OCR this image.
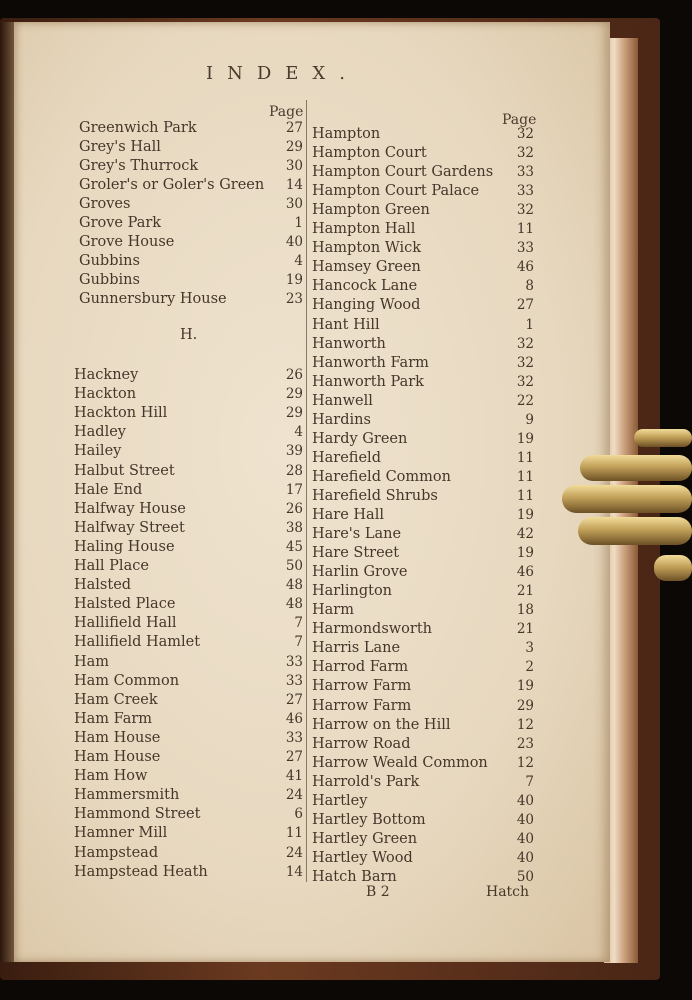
INDEX.
Page	Page
Greenwich Park	27
Grey's Hall	29
Grey's Thurrock	30
Groler's or Goler's Green	14
Groves	30
Grove Park	1
Grove House	40
Gubbins	4
Gubbins	19
Gunnersbury House	23
H.
Hackney	26
Hackton	29
Hackton Hill	29
Hadley	4
Hailey	39
Halbut Street	28
Hale End	17
Halfway House	26
Halfway Street	38
Haling House	45
Hall Place	50
Halsted	48
Halsted Place	48
Hallifield Hall	7
Hallifield Hamlet	7
Ham	33
Ham Common	33
Ham Creek	27
Ham Farm	46
Ham House	33
Ham House	27
Ham How	41
Hammersmith	24
Hammond Street	6
Hamner Mill	11
Hampstead	24
Hampstead Heath	14
Hampton	32
Hampton Court	32
Hampton Court Gardens	33
Hampton Court Palace	33
Hampton Green	32
Hampton Hall	11
Hampton Wick	33
Hamsey Green	46
Hancock Lane	8
Hanging Wood	27
Hant Hill	1
Hanworth	32
Hanworth Farm	32
Hanworth Park	32
Hanwell	22
Hardins	9
Hardy Green	19
Harefield	11
Harefield Common	11
Harefield Shrubs	11
Hare Hall	19
Hare's Lane	42
Hare Street	19
Harlin Grove	46
Harlington	21
Harm	18
Harmondsworth	21
Harris Lane	3
Harrod Farm	2
Harrow Farm	19
Harrow Farm	29
Harrow on the Hill	12
Harrow Road	23
Harrow Weald Common	12
Harrold's Park	7
Hartley	40
Hartley Bottom	40
Hartley Green	40
Hartley Wood	40
Hatch Barn	50
B 2	Hatch
